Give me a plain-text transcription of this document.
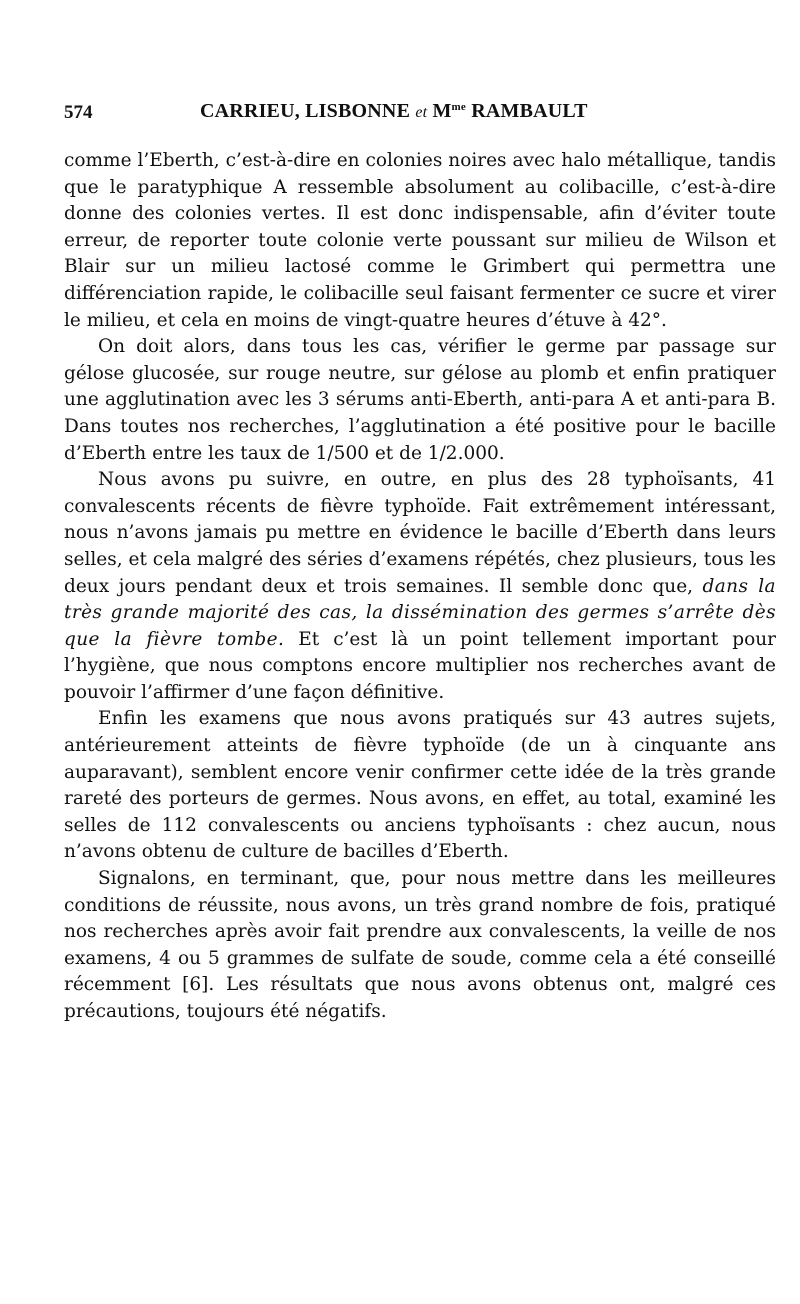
574	CARRIEU, LISBONNE et $M^{me}$ RAMBAULT

comme l’Eberth, c’est-à-dire en colonies noires avec halo métallique, tandis que le paratyphique A ressemble absolument au colibacille, c’est-à-dire donne des colonies vertes. Il est donc indispensable, afin d’éviter toute erreur, de reporter toute colonie verte poussant sur milieu de Wilson et Blair sur un milieu lactosé comme le Grimbert qui permettra une différenciation rapide, le colibacille seul faisant fermenter ce sucre et virer le milieu, et cela en moins de vingt-quatre heures d’étuve à 42°.

On doit alors, dans tous les cas, vérifier le germe par passage sur gélose glucosée, sur rouge neutre, sur gélose au plomb et enfin pratiquer une agglutination avec les 3 sérums anti-Eberth, anti-para A et anti-para B. Dans toutes nos recherches, l’agglutination a été positive pour le bacille d’Eberth entre les taux de 1/500 et de 1/2.000.

Nous avons pu suivre, en outre, en plus des 28 typhoïsants, 41 convalescents récents de fièvre typhoïde. Fait extrêmement intéressant, nous n’avons jamais pu mettre en évidence le bacille d’Eberth dans leurs selles, et cela malgré des séries d’examens répétés, chez plusieurs, tous les deux jours pendant deux et trois semaines. Il semble donc que, dans la très grande majorité des cas, la dissémination des germes s’arrête dès que la fièvre tombe. Et c’est là un point tellement important pour l’hygiène, que nous comptons encore multiplier nos recherches avant de pouvoir l’affirmer d’une façon définitive.

Enfin les examens que nous avons pratiqués sur 43 autres sujets, antérieurement atteints de fièvre typhoïde (de un à cinquante ans auparavant), semblent encore venir confirmer cette idée de la très grande rareté des porteurs de germes. Nous avons, en effet, au total, examiné les selles de 112 convalescents ou anciens typhoïsants : chez aucun, nous n’avons obtenu de culture de bacilles d’Eberth.

Signalons, en terminant, que, pour nous mettre dans les meilleures conditions de réussite, nous avons, un très grand nombre de fois, pratiqué nos recherches après avoir fait prendre aux convalescents, la veille de nos examens, 4 ou 5 grammes de sulfate de soude, comme cela a été conseillé récemment [6]. Les résultats que nous avons obtenus ont, malgré ces précautions, toujours été négatifs.
